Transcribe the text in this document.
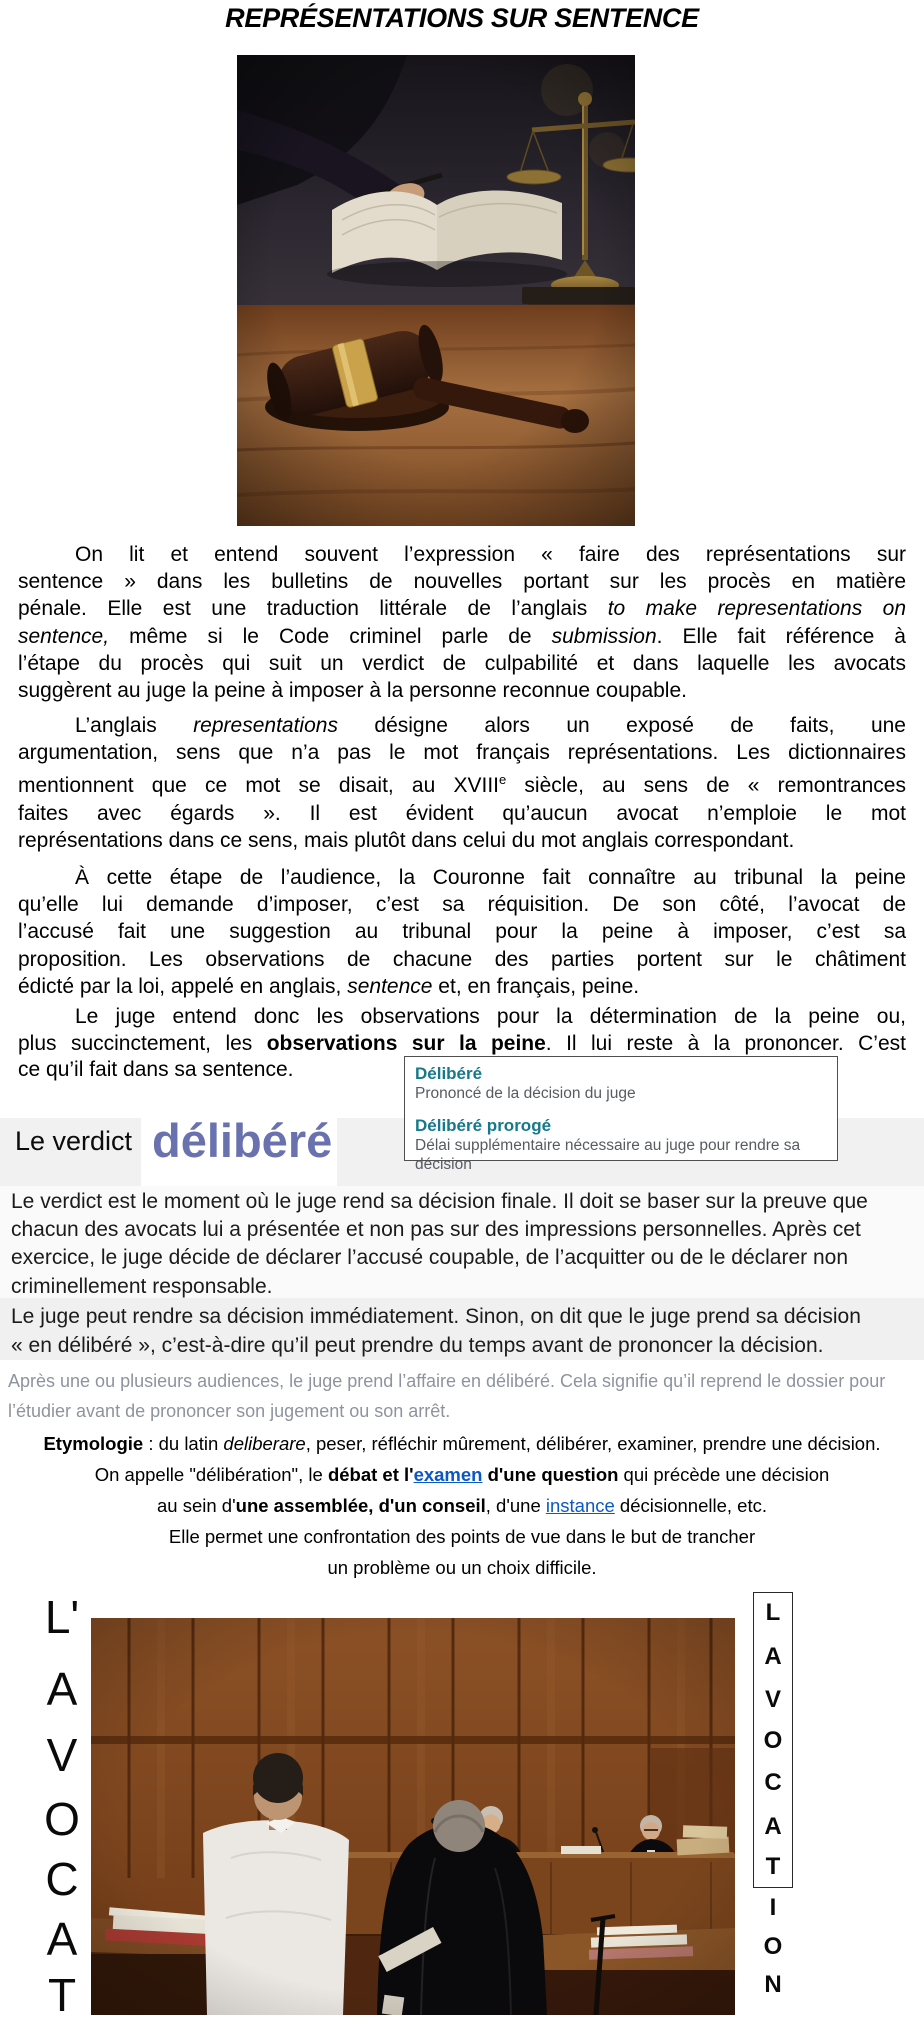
REPRÉSENTATIONS SUR SENTENCE
On lit et entend souvent l’expression « faire des représentations sur
sentence » dans les bulletins de nouvelles portant sur les procès en matière
pénale. Elle est une traduction littérale de l’anglais to make representations on
sentence, même si le Code criminel parle de submission. Elle fait référence à
l’étape du procès qui suit un verdict de culpabilité et dans laquelle les avocats
suggèrent au juge la peine à imposer à la personne reconnue coupable.
L’anglais representations désigne alors un exposé de faits, une
argumentation, sens que n’a pas le mot français représentations. Les dictionnaires
mentionnent que ce mot se disait, au XVIIIe siècle, au sens de « remontrances
faites avec égards ». Il est évident qu’aucun avocat n’emploie le mot
représentations dans ce sens, mais plutôt dans celui du mot anglais correspondant.
À cette étape de l’audience, la Couronne fait connaître au tribunal la peine
qu’elle lui demande d’imposer, c’est sa réquisition. De son côté, l’avocat de
l’accusé fait une suggestion au tribunal pour la peine à imposer, c’est sa
proposition. Les observations de chacune des parties portent sur le châtiment
édicté par la loi, appelé en anglais, sentence et, en français, peine.
Le juge entend donc les observations pour la détermination de la peine ou,
plus succinctement, les observations sur la peine. Il lui reste à la prononcer. C’est
ce qu’il fait dans sa sentence.	Délibéré
Prononcé de la décision du juge
Délibéré prorogé
Délai supplémentaire nécessaire au juge pour rendre sa décision
Le verdict délibéré
Le verdict est le moment où le juge rend sa décision finale. Il doit se baser sur la preuve que
chacun des avocats lui a présentée et non pas sur des impressions personnelles. Après cet
exercice, le juge décide de déclarer l’accusé coupable, de l’acquitter ou de le déclarer non
criminellement responsable.
Le juge peut rendre sa décision immédiatement. Sinon, on dit que le juge prend sa décision
« en délibéré », c’est-à-dire qu’il peut prendre du temps avant de prononcer la décision.
Après une ou plusieurs audiences, le juge prend l’affaire en délibéré. Cela signifie qu’il reprend le dossier pour
l’étudier avant de prononcer son jugement ou son arrêt.
Etymologie : du latin deliberare, peser, réfléchir mûrement, délibérer, examiner, prendre une décision.
On appelle "délibération", le débat et l'examen d'une question qui précède une décision
au sein d'une assemblée, d'un conseil, d'une instance décisionnelle, etc.
Elle permet une confrontation des points de vue dans le but de trancher
un problème ou un choix difficile.
L'
A
V
O
C
A
T
L
A
V
O
C
A
T
I
O
N
